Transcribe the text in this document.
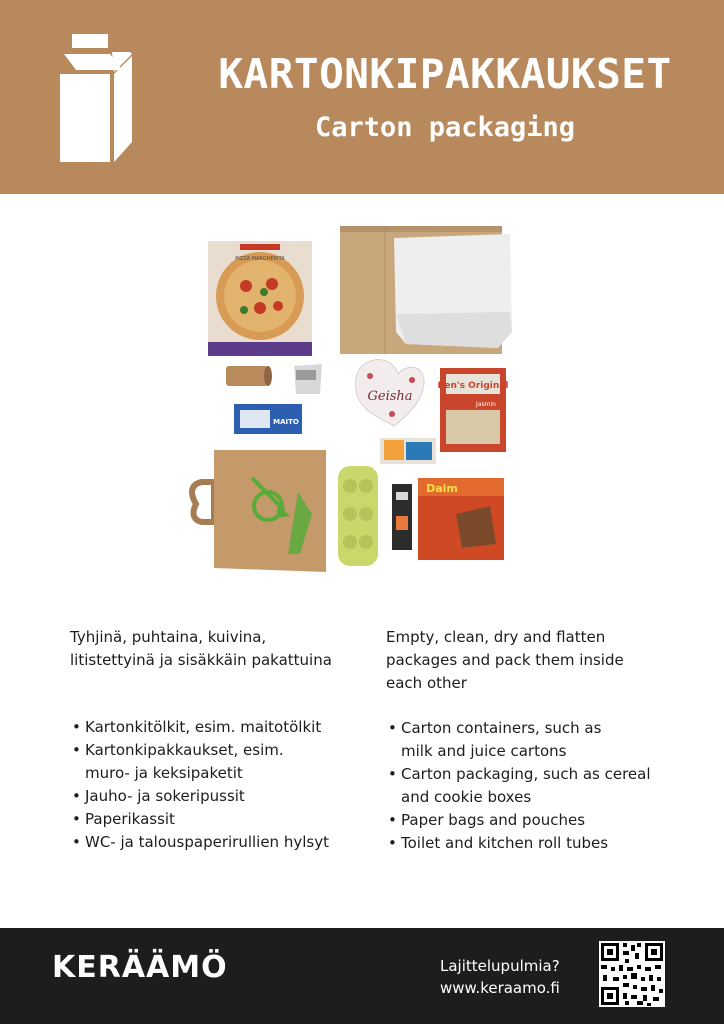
KARTONKIPAKKAUKSET
Carton packaging
PIZZA MARGHERITA
Geisha
Ben's Original
Jasmin
MAITO
Daim

Tyhjinä, puhtaina, kuivina, litistettyinä ja sisäkkäin pakattuina

• Kartonkitölkit, esim. maitotölkit
• Kartonkipakkaukset, esim. muro- ja keksipaketit
• Jauho- ja sokeripussit
• Paperikassit
• WC- ja talouspaperirullien hylsyt

Empty, clean, dry and flatten packages and pack them inside each other

• Carton containers, such as milk and juice cartons
• Carton packaging, such as cereal and cookie boxes
• Paper bags and pouches
• Toilet and kitchen roll tubes
KERÄÄMÖ	Lajittelupulmia?
www.keraamo.fi
